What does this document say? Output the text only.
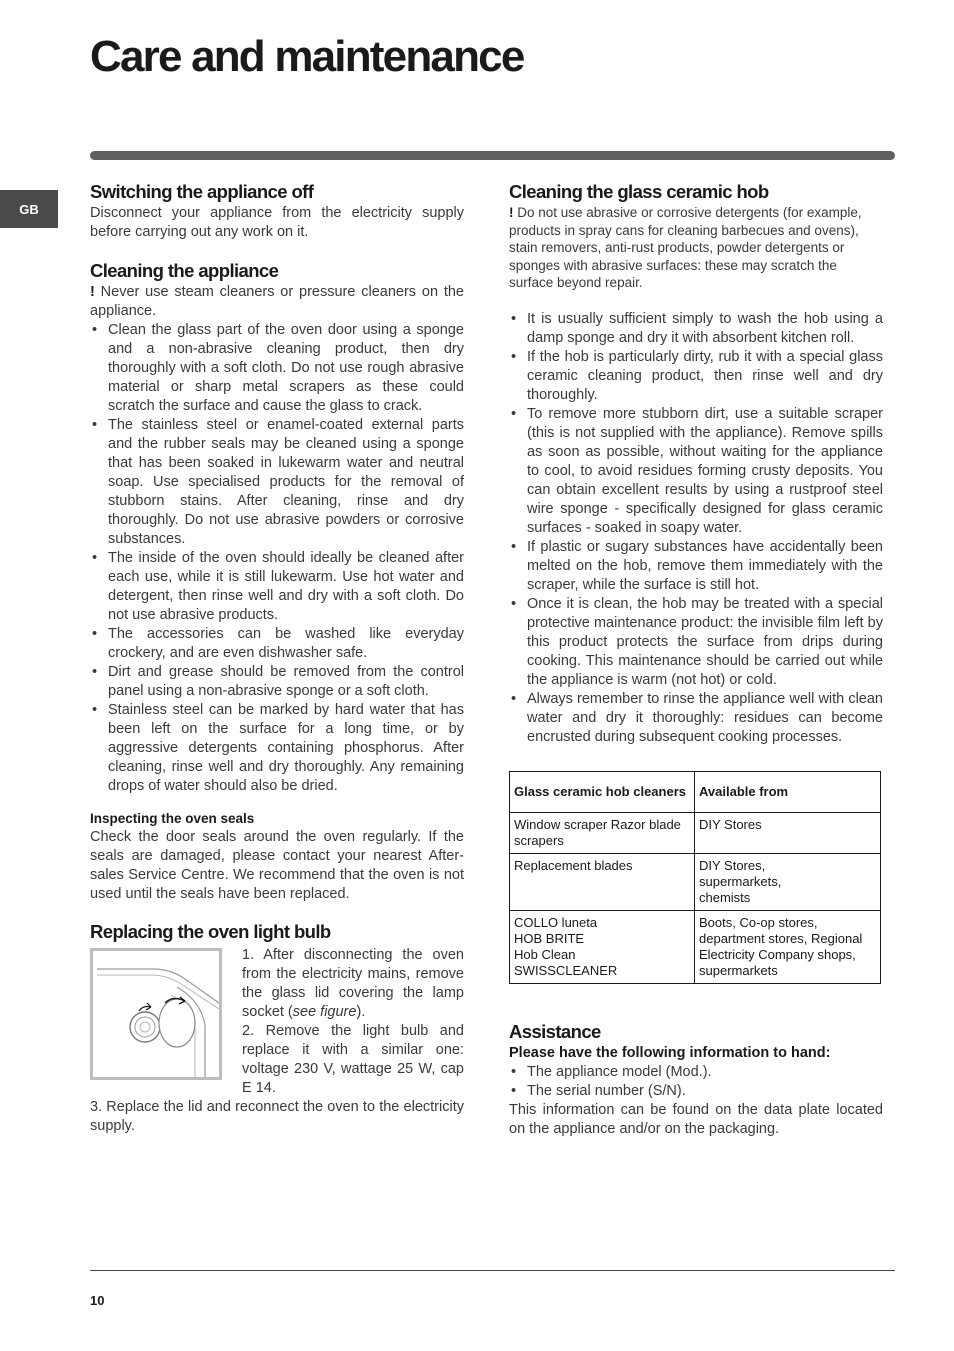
Care and maintenance
GB
Switching the appliance off

Disconnect your appliance from the electricity supply before carrying out any work on it.

Cleaning the appliance

! Never use steam cleaners or pressure cleaners on the appliance.

• Clean the glass part of the oven door using a sponge and a non-abrasive cleaning product, then dry thoroughly with a soft cloth. Do not use rough abrasive material or sharp metal scrapers as these could scratch the surface and cause the glass to crack.
• The stainless steel or enamel-coated external parts and the rubber seals may be cleaned using a sponge that has been soaked in lukewarm water and neutral soap. Use specialised products for the removal of stubborn stains. After cleaning, rinse and dry thoroughly. Do not use abrasive powders or corrosive substances.
• The inside of the oven should ideally be cleaned after each use, while it is still lukewarm. Use hot water and detergent, then rinse well and dry with a soft cloth. Do not use abrasive products.
• The accessories can be washed like everyday crockery, and are even dishwasher safe.
• Dirt and grease should be removed from the control panel using a non-abrasive sponge or a soft cloth.
• Stainless steel can be marked by hard water that has been left on the surface for a long time, or by aggressive detergents containing phosphorus. After cleaning, rinse well and dry thoroughly. Any remaining drops of water should also be dried.
Inspecting the oven seals

Check the door seals around the oven regularly. If the seals are damaged, please contact your nearest After-sales Service Centre. We recommend that the oven is not used until the seals have been replaced.

Replacing the oven light bulb

1. After disconnecting the oven from the electricity mains, remove the glass lid covering the lamp socket (see figure).

2. Remove the light bulb and replace it with a similar one: voltage 230 V, wattage 25 W, cap E 14.

3. Replace the lid and reconnect the oven to the electricity supply.

Cleaning the glass ceramic hob

! Do not use abrasive or corrosive detergents (for example, products in spray cans for cleaning barbecues and ovens), stain removers, anti-rust products, powder detergents or sponges with abrasive surfaces: these may scratch the surface beyond repair.

• It is usually sufficient simply to wash the hob using a damp sponge and dry it with absorbent kitchen roll.
• If the hob is particularly dirty, rub it with a special glass ceramic cleaning product, then rinse well and dry thoroughly.
• To remove more stubborn dirt, use a suitable scraper (this is not supplied with the appliance). Remove spills as soon as possible, without waiting for the appliance to cool, to avoid residues forming crusty deposits. You can obtain excellent results by using a rustproof steel wire sponge - specifically designed for glass ceramic surfaces - soaked in soapy water.
• If plastic or sugary substances have accidentally been melted on the hob, remove them immediately with the scraper, while the surface is still hot.
• Once it is clean, the hob may be treated with a special protective maintenance product: the invisible film left by this product protects the surface from drips during cooking. This maintenance should be carried out while the appliance is warm (not hot) or cold.
• Always remember to rinse the appliance well with clean water and dry it thoroughly: residues can become encrusted during subsequent cooking processes.
Glass ceramic hob cleaners	Available from

Window scraper Razor blade scrapers	DIY Stores

Replacement blades	DIY Stores,
supermarkets,
chemists

COLLO luneta
HOB BRITE
Hob Clean
SWISSCLEANER	Boots, Co-op stores, department stores, Regional Electricity Company shops, supermarkets
Assistance

Please have the following information to hand:

• The appliance model (Mod.).
• The serial number (S/N).

This information can be found on the data plate located on the appliance and/or on the packaging.

10
